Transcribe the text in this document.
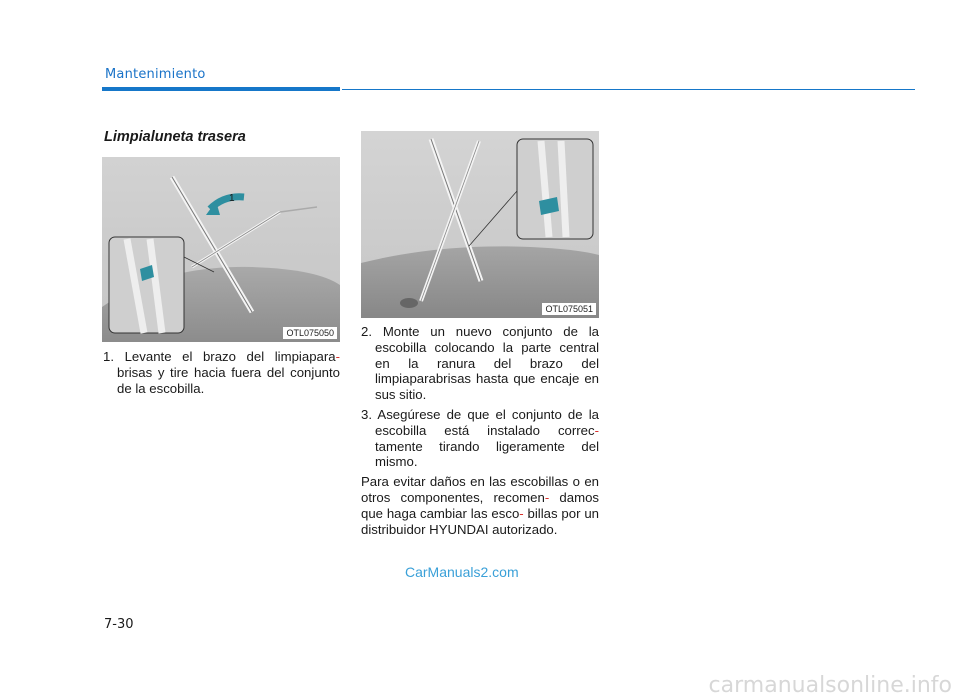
Mantenimiento
Limpialuneta trasera
1
OTL075050
OTL075051

1. Levante el brazo del limpiapara- brisas y tire hacia fuera del conjunto de la escobilla.

2. Monte un nuevo conjunto de la escobilla colocando la parte central en la ranura del brazo del limpiaparabrisas hasta que encaje en sus sitio.

3. Asegúrese de que el conjunto de la escobilla está instalado correc- tamente tirando ligeramente del mismo.

Para evitar daños en las escobillas o en otros componentes, recomen- damos que haga cambiar las esco- billas por un distribuidor HYUNDAI autorizado.

CarManuals2.com
7-30
carmanualsonline.info
